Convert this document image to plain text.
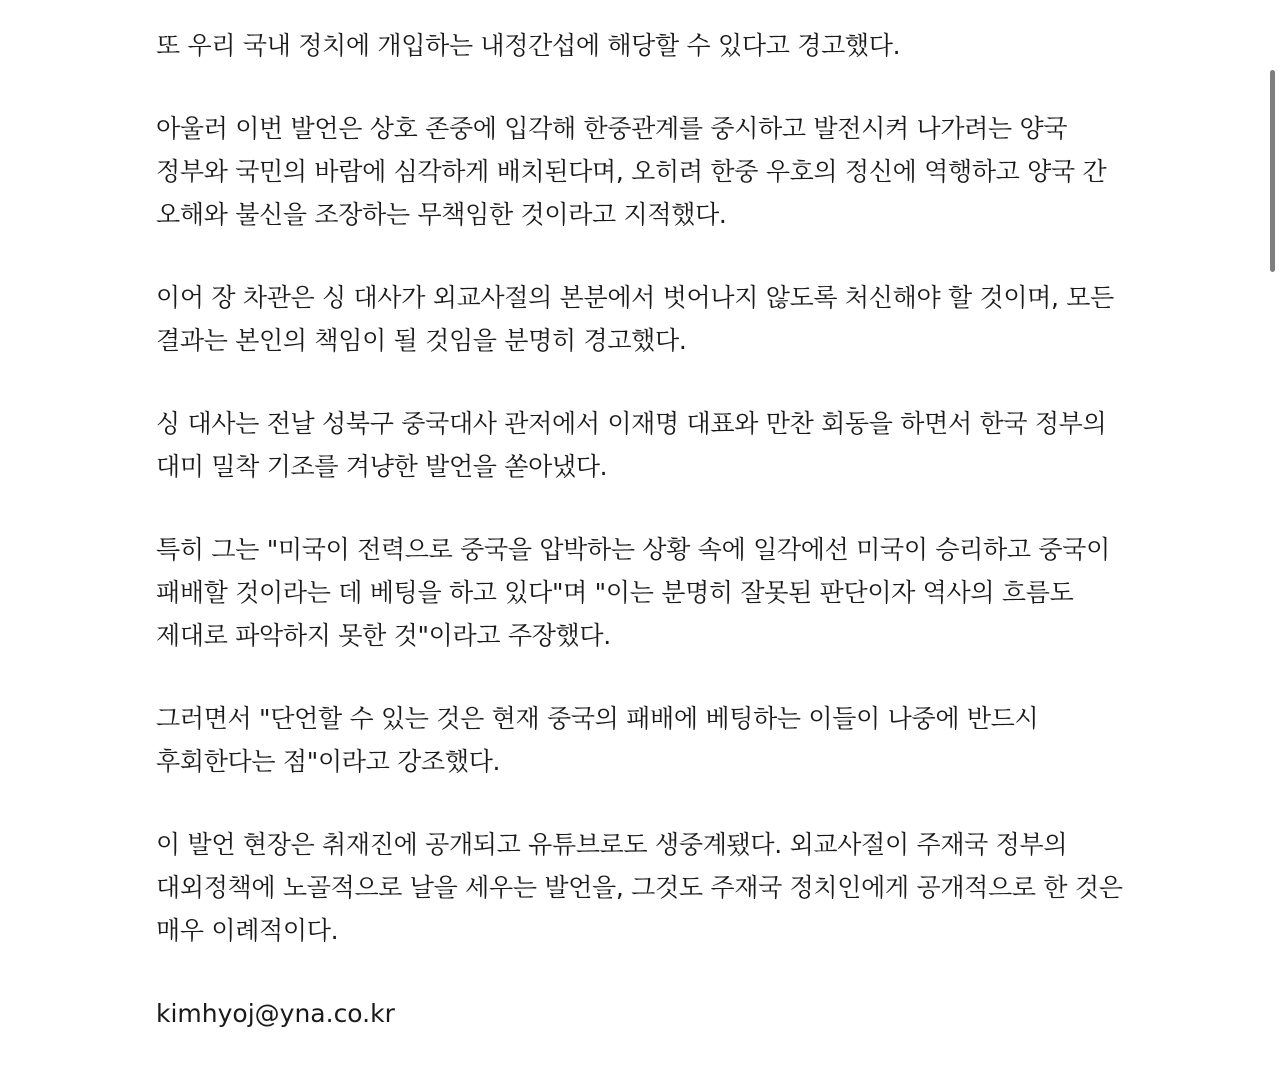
또 우리 국내 정치에 개입하는 내정간섭에 해당할 수 있다고 경고했다.

아울러 이번 발언은 상호 존중에 입각해 한중관계를 중시하고 발전시켜 나가려는 양국 정부와 국민의 바람에 심각하게 배치된다며, 오히려 한중 우호의 정신에 역행하고 양국 간 오해와 불신을 조장하는 무책임한 것이라고 지적했다.

이어 장 차관은 싱 대사가 외교사절의 본분에서 벗어나지 않도록 처신해야 할 것이며, 모든 결과는 본인의 책임이 될 것임을 분명히 경고했다.

싱 대사는 전날 성북구 중국대사 관저에서 이재명 대표와 만찬 회동을 하면서 한국 정부의 대미 밀착 기조를 겨냥한 발언을 쏟아냈다.

특히 그는 "미국이 전력으로 중국을 압박하는 상황 속에 일각에선 미국이 승리하고 중국이 패배할 것이라는 데 베팅을 하고 있다"며 "이는 분명히 잘못된 판단이자 역사의 흐름도 제대로 파악하지 못한 것"이라고 주장했다.

그러면서 "단언할 수 있는 것은 현재 중국의 패배에 베팅하는 이들이 나중에 반드시 후회한다는 점"이라고 강조했다.

이 발언 현장은 취재진에 공개되고 유튜브로도 생중계됐다. 외교사절이 주재국 정부의 대외정책에 노골적으로 날을 세우는 발언을, 그것도 주재국 정치인에게 공개적으로 한 것은 매우 이례적이다.

kimhyoj@yna.co.kr
